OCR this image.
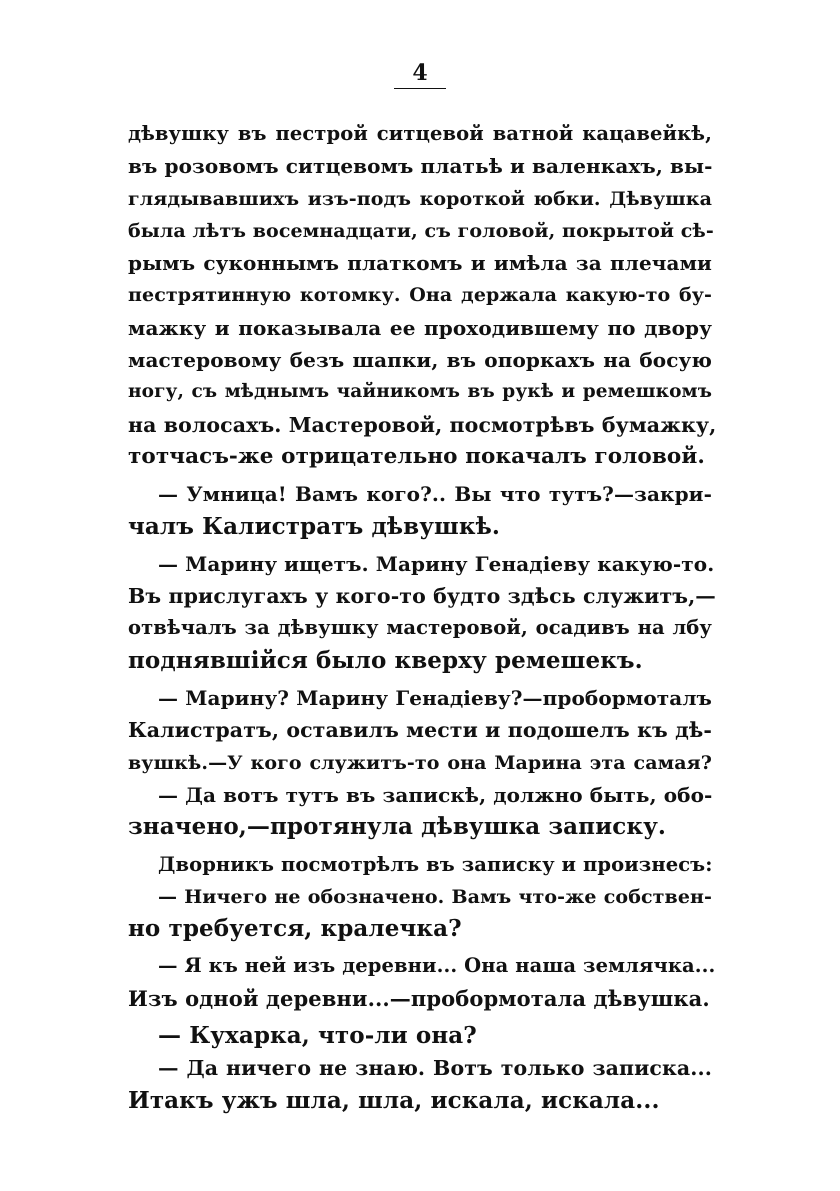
4
дѣвушку въ пестрой ситцевой ватной кацавейкѣ,
въ розовомъ ситцевомъ платьѣ и валенкахъ, вы-
глядывавшихъ изъ-подъ короткой юбки. Дѣвушка
была лѣтъ восемнадцати, съ головой, покрытой сѣ-
рымъ суконнымъ платкомъ и имѣла за плечами
пестрятинную котомку. Она держала какую-то бу-
мажку и показывала ее проходившему по двору
мастеровому безъ шапки, въ опоркахъ на босую
ногу, съ мѣднымъ чайникомъ въ рукѣ и ремешкомъ
на волосахъ. Мастеровой, посмотрѣвъ бумажку,
тотчасъ-же отрицательно покачалъ головой.
— Умница! Вамъ кого?.. Вы что тутъ?—закри-
чалъ Калистратъ дѣвушкѣ.
— Марину ищетъ. Марину Генадіеву какую-то.
Въ прислугахъ у кого-то будто здѣсь служитъ,—
отвѣчалъ за дѣвушку мастеровой, осадивъ на лбу
поднявшійся было кверху ремешекъ.
— Марину? Марину Генадіеву?—пробормоталъ
Калистратъ, оставилъ мести и подошелъ къ дѣ-
вушкѣ.—У кого служитъ-то она Марина эта самая?
— Да вотъ тутъ въ запискѣ, должно быть, обо-
значено,—протянула дѣвушка записку.
Дворникъ посмотрѣлъ въ записку и произнесъ:
— Ничего не обозначено. Вамъ что-же собствен-
но требуется, кралечка?
— Я къ ней изъ деревни... Она наша землячка...
Изъ одной деревни...—пробормотала дѣвушка.
— Кухарка, что-ли она?
— Да ничего не знаю. Вотъ только записка...
Итакъ ужъ шла, шла, искала, искала...
